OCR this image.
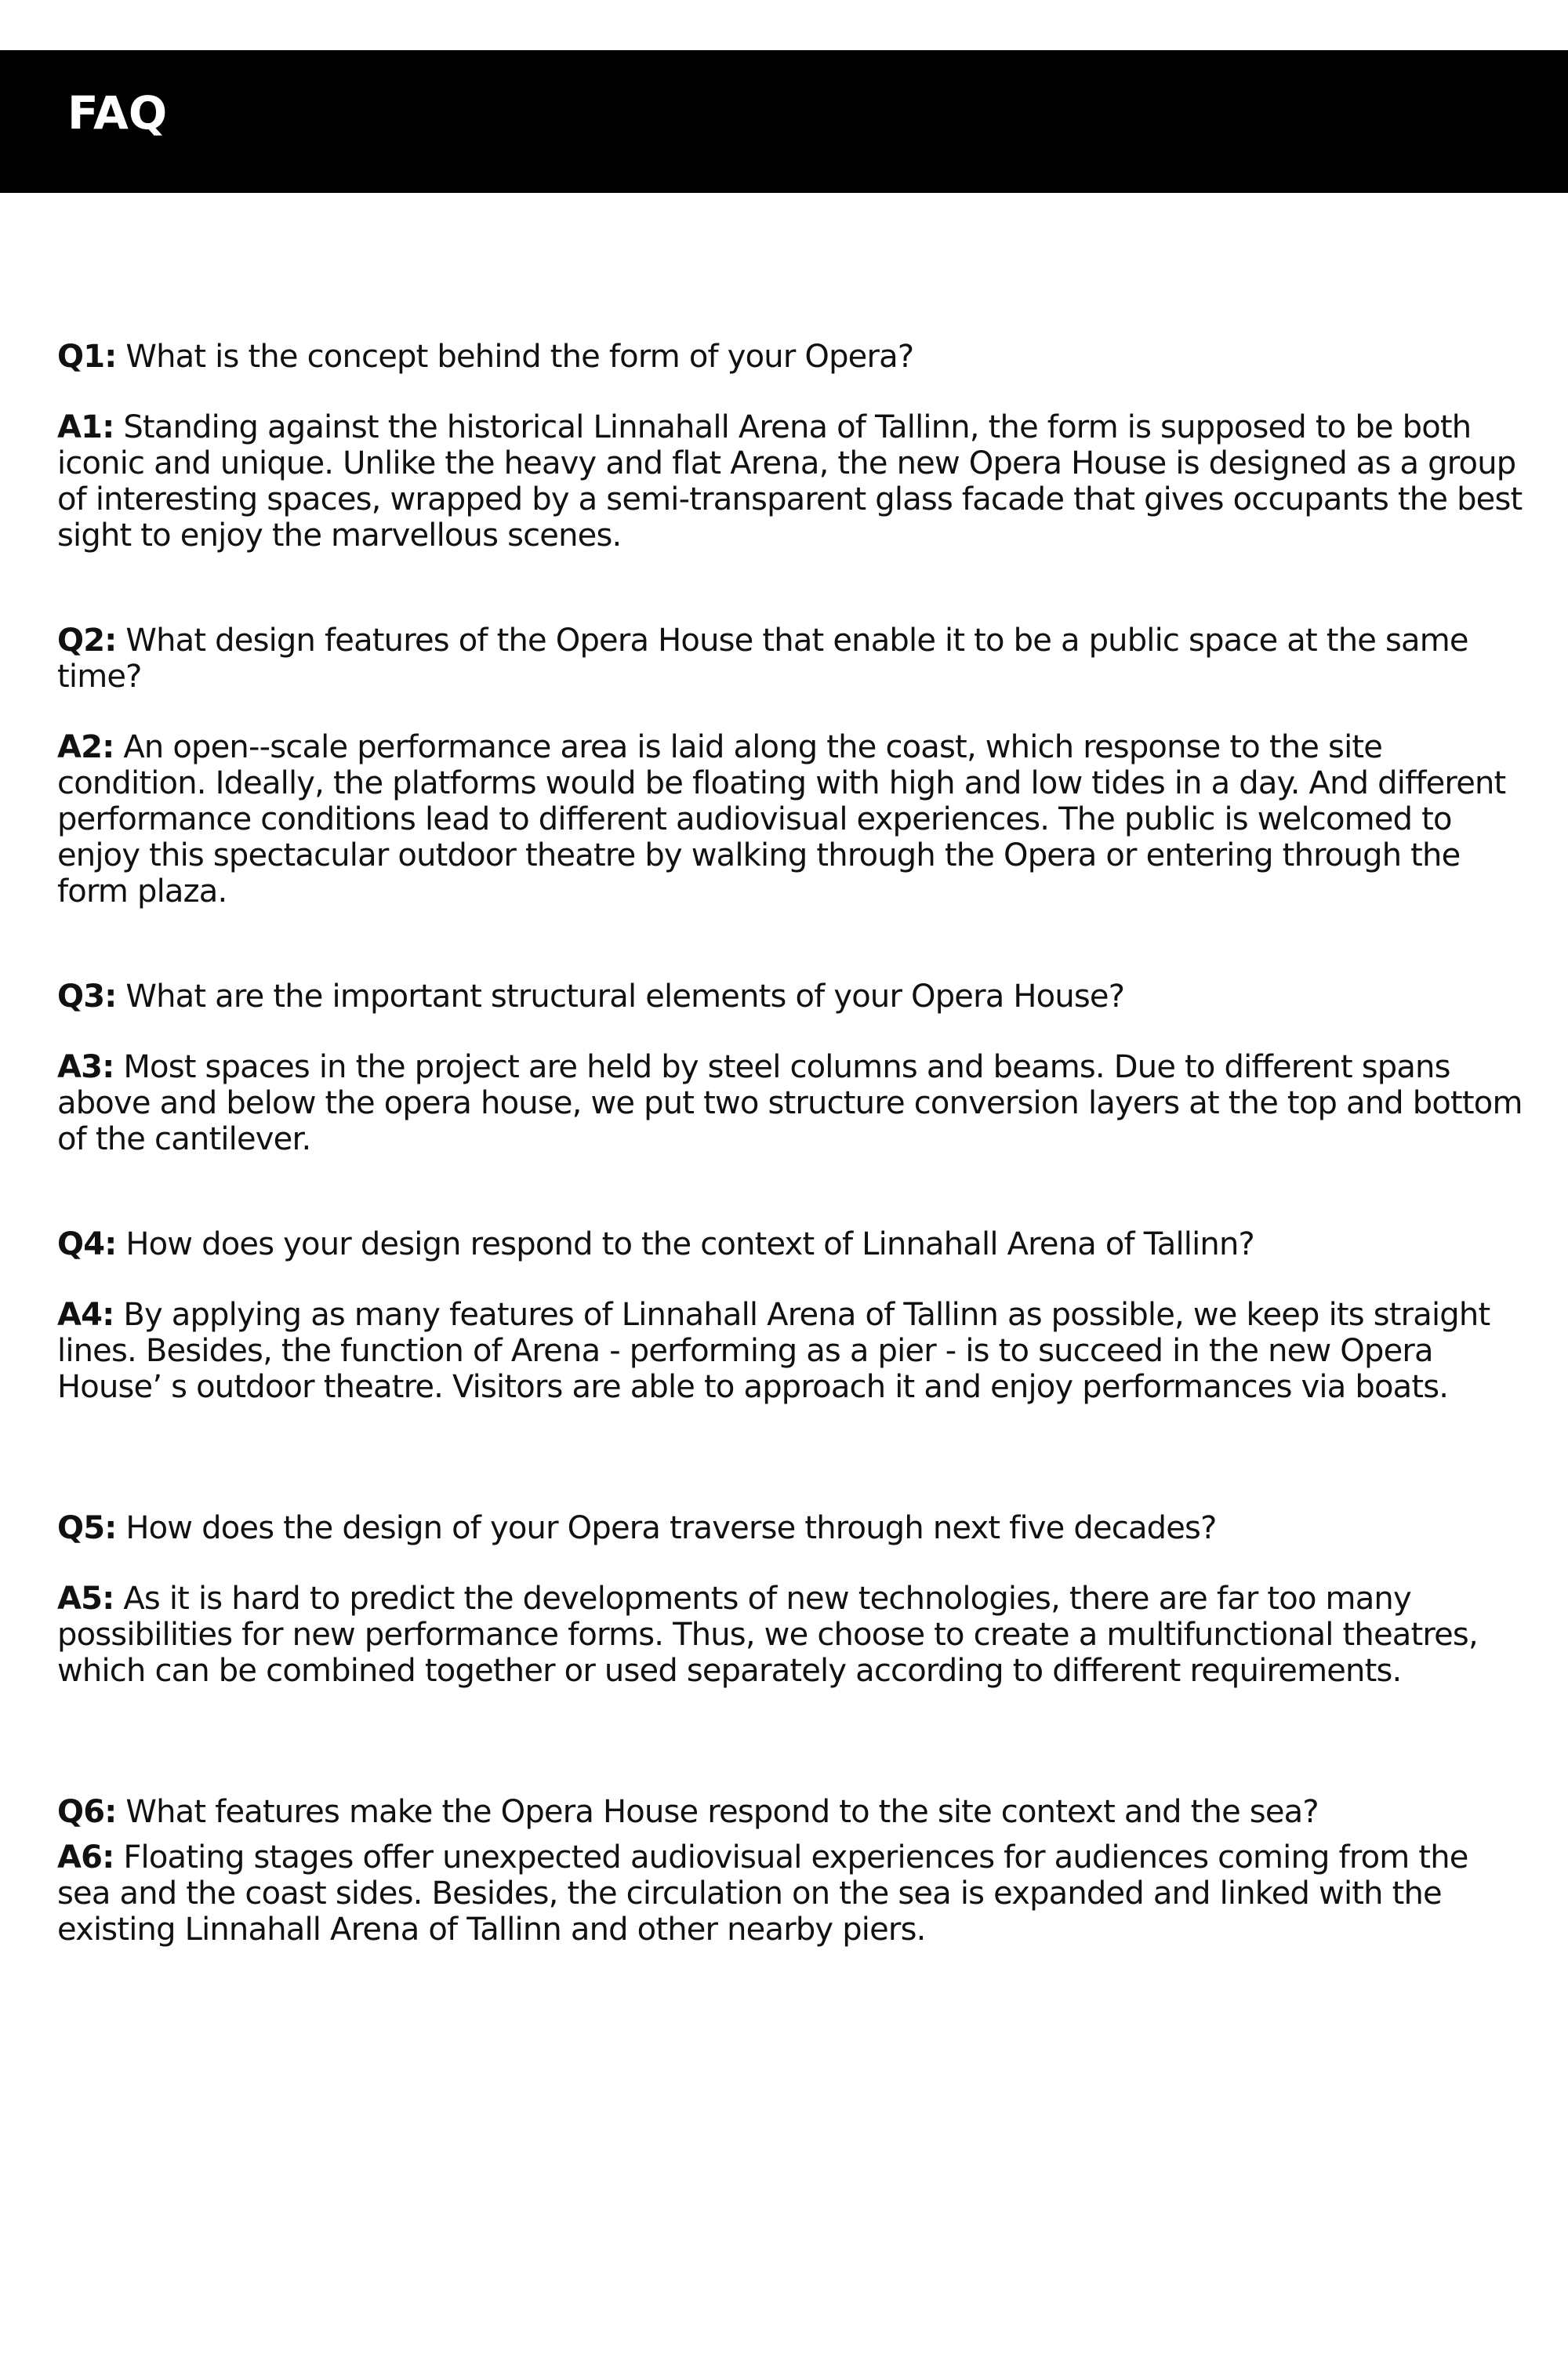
FAQ

Q1: What is the concept behind the form of your Opera?

A1: Standing against the historical Linnahall Arena of Tallinn, the form is supposed to be both iconic and unique. Unlike the heavy and flat Arena, the new Opera House is designed as a group of interesting spaces, wrapped by a semi-transparent glass facade that gives occupants the best sight to enjoy the marvellous scenes.

Q2: What design features of the Opera House that enable it to be a public space at the same time?

A2: An open--scale performance area is laid along the coast, which response to the site condition. Ideally, the platforms would be floating with high and low tides in a day. And different performance conditions lead to different audiovisual experiences. The public is welcomed to enjoy this spectacular outdoor theatre by walking through the Opera or entering through the form plaza.

Q3: What are the important structural elements of your Opera House?

A3: Most spaces in the project are held by steel columns and beams. Due to different spans above and below the opera house, we put two structure conversion layers at the top and bottom of the cantilever.

Q4: How does your design respond to the context of Linnahall Arena of Tallinn?

A4: By applying as many features of Linnahall Arena of Tallinn as possible, we keep its straight lines. Besides, the function of Arena - performing as a pier - is to succeed in the new Opera House’ s outdoor theatre. Visitors are able to approach it and enjoy performances via boats.

Q5: How does the design of your Opera traverse through next five decades?

A5: As it is hard to predict the developments of new technologies, there are far too many possibilities for new performance forms. Thus, we choose to create a multifunctional theatres, which can be combined together or used separately according to different requirements.

Q6: What features make the Opera House respond to the site context and the sea?

A6: Floating stages offer unexpected audiovisual experiences for audiences coming from the sea and the coast sides. Besides, the circulation on the sea is expanded and linked with the existing Linnahall Arena of Tallinn and other nearby piers.
